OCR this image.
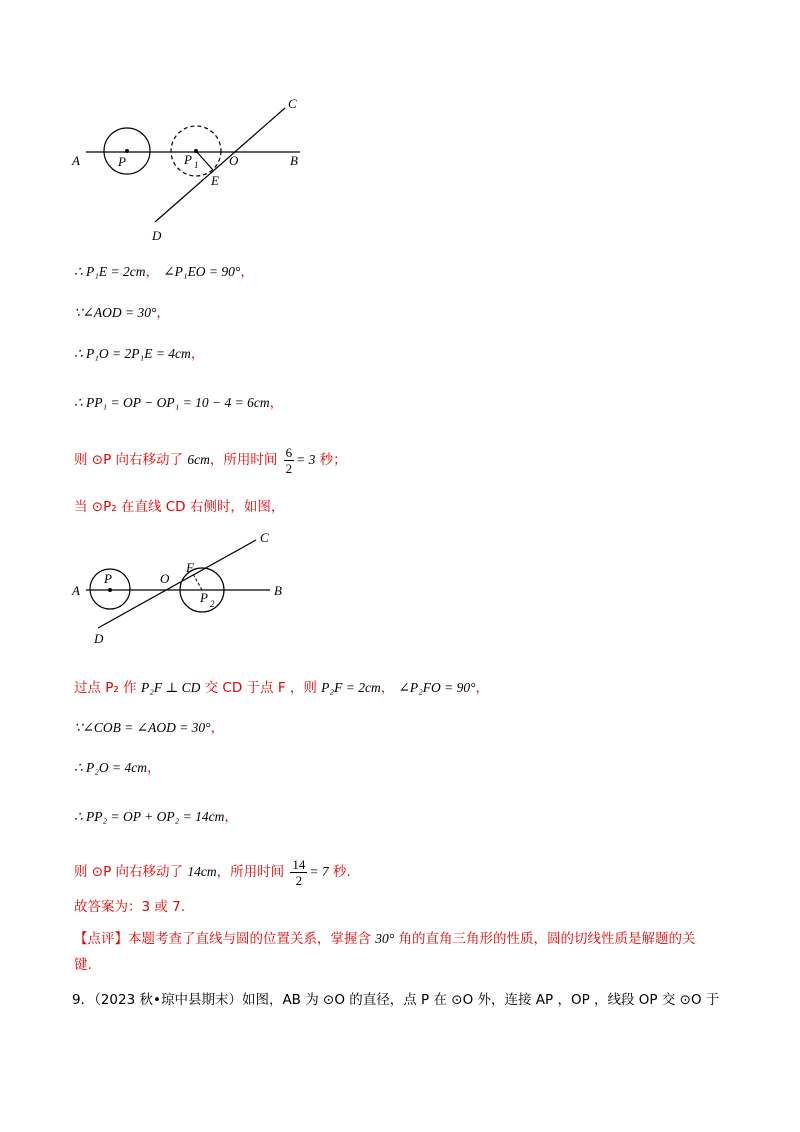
A	P	P 1 O	B
C
E
D
∴ P₁E = 2cm， ∠P₁EO = 90°，
∵∠AOD = 30°，
∴ P₁O = 2P₁E = 4cm，
∴ PP₁ = OP − OP₁ = 10 − 4 = 6cm，
则 ⊙P 向右移动了 6cm，所用时间 $\frac{6}{2} = 3$ 秒；
当 ⊙P₂ 在直线 CD 右侧时，如图，
A
P	O
F
P 2
B
C
D
过点 P₂ 作 P₂F ⊥ CD 交 CD 于点 F ，则 P₂F = 2cm， ∠P₂FO = 90°，
∵∠COB = ∠AOD = 30°，
∴ P₂O = 4cm，
∴ PP₂ = OP + OP₂ = 14cm，
则 ⊙P 向右移动了 14cm，所用时间 $\frac{14}{2} = 7$ 秒.
故答案为：3 或 7.
【点评】本题考查了直线与圆的位置关系，掌握含 30° 角的直角三角形的性质，圆的切线性质是解题的关
键.
9．（2023 秋•琼中县期末）如图，AB 为 ⊙O 的直径，点 P 在 ⊙O 外，连接 AP ，OP ，线段 OP 交 ⊙O 于
